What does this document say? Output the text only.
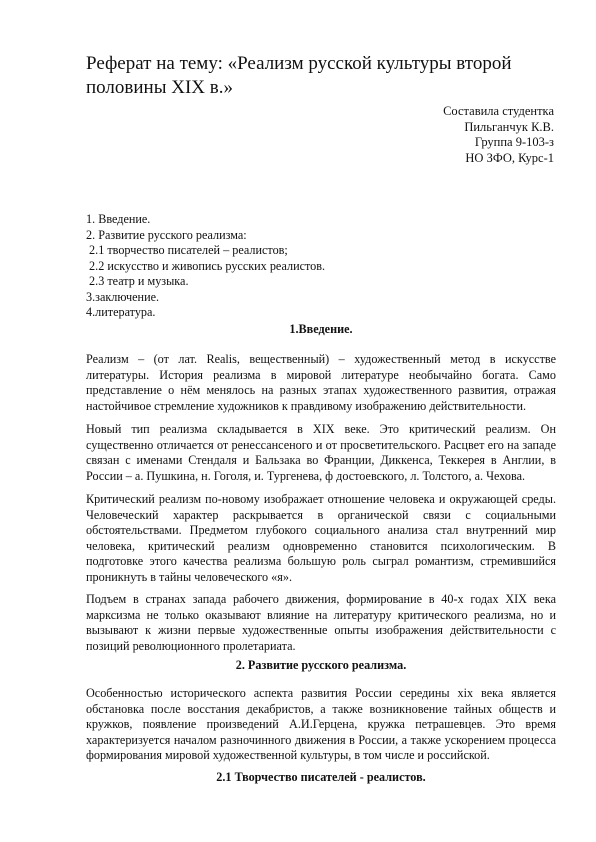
Реферат на тему: «Реализм русской культуры второй половины XIX в.»
Составила студентка
Пильганчук К.В.
Группа 9-103-з
НО ЗФО, Курс-1
1. Введение.
2. Развитие русского реализма:
2.1 творчество писателей – реалистов;
2.2 искусство и живопись русских реалистов.
2.3 театр и музыка.
3.заключение.
4.литература.
1.Введение.

Реализм – (от лат. Realis, вещественный) – художественный метод в искусстве литературы. История реализма в мировой литературе необычайно богата. Само представление о нём менялось на разных этапах художественного развития, отражая настойчивое стремление художников к правдивому изображению действительности.

Новый тип реализма складывается в XIX веке. Это критический реализм. Он существенно отличается от ренессансеного и от просветительского. Расцвет его на западе связан с именами Стендаля и Бальзака во Франции, Диккенса, Теккерея в Англии, в России – а. Пушкина, н. Гоголя, и. Тургенева, ф достоевского, л. Толстого, а. Чехова.

Критический реализм по-новому изображает отношение человека и окружающей среды. Человеческий характер раскрывается в органической связи с социальными обстоятельствами. Предметом глубокого социального анализа стал внутренний мир человека, критический реализм одновременно становится психологическим. В подготовке этого качества реализма большую роль сыграл романтизм, стремившийся проникнуть в тайны человеческого «я».

Подъем в странах запада рабочего движения, формирование в 40-х годах XIX века марксизма не только оказывают влияние на литературу критического реализма, но и вызывают к жизни первые художественные опыты изображения действительности с позиций революционного пролетариата.

2. Развитие русского реализма.

Особенностью исторического аспекта развития России середины xix века является обстановка после восстания декабристов, а также возникновение тайных обществ и кружков, появление произведений А.И.Герцена, кружка петрашевцев. Это время характеризуется началом разночинного движения в России, а также ускорением процесса формирования мировой художественной культуры, в том числе и российской.

2.1 Творчество писателей - реалистов.
